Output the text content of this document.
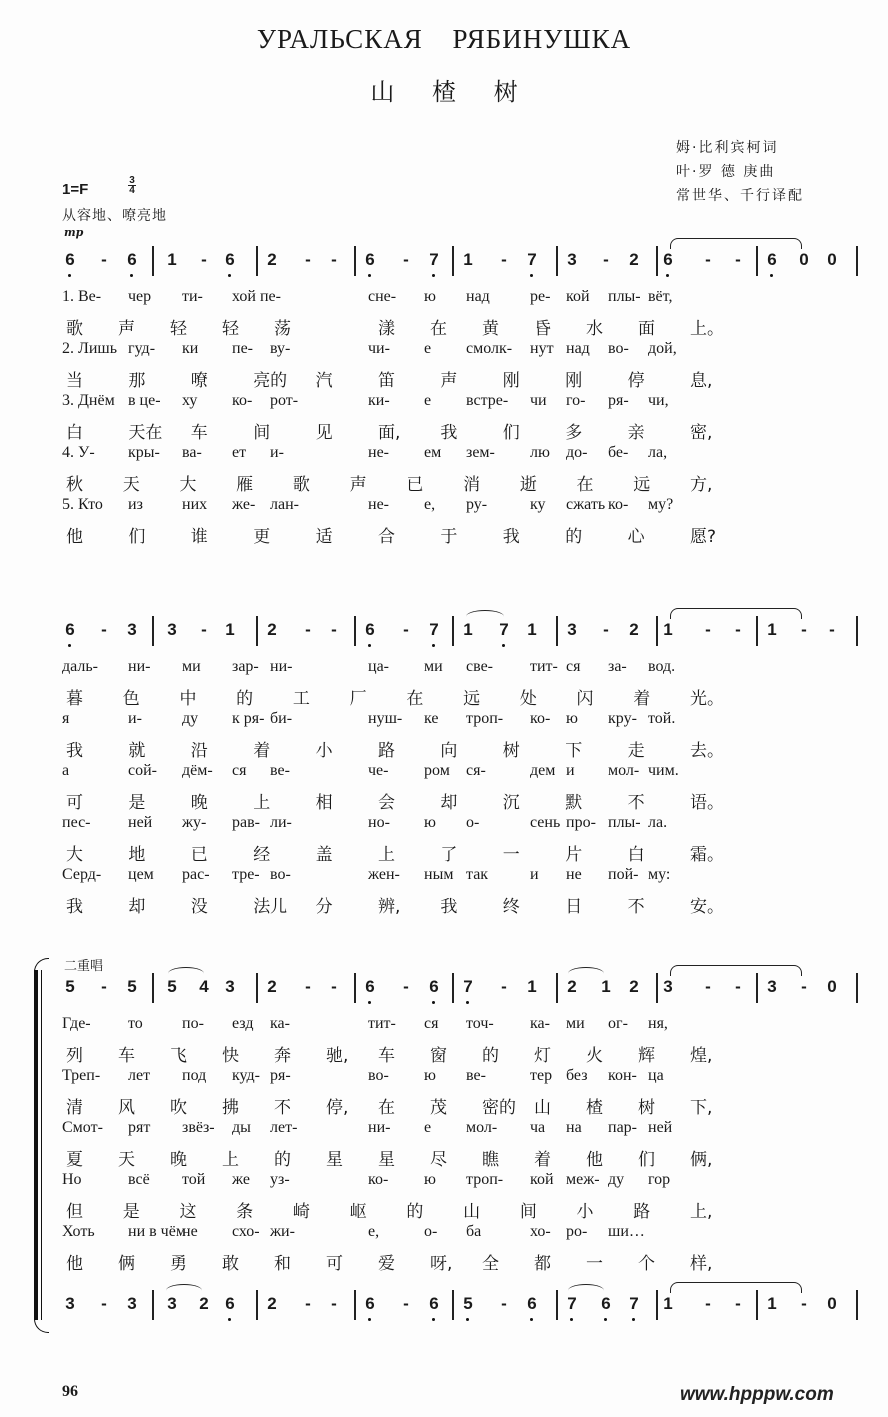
УРАЛЬСКАЯ РЯБИНУШКА
山 楂 树
姆·比利宾柯词
叶·罗 德 庚曲
常世华、千行译配
1=F
3
4
从容地、嘹亮地
mp
6	-	6 1	-	6 2	-	-	6	-	7 1	-	7 3	-	2 6	-	-	6 0 0
1. Ве- чер ти- хой пе-	сне- ю над	ре- кой плы- вёт,
歌 声 轻 轻 荡	漾 在 黄 昏 水 面 上。
2. Лишь гуд- ки пе- ву-	чи- е смолк- нут над во- дой,
当	那	嘹	亮的 汽	笛	声	刚	刚	停	息,
3. Днём в це- ху ко- рот-	ки- е встре- чи го- ря- чи,
白	天在 车	间	见	面, 我	们	多	亲	密,
4. У- кры- ва- ет и-	не- ем зем- лю до- бе- ла,
秋 天 大 雁 歌 声 已 消 逝 在 远 方,
5. Кто из них же- лан-	не- е, ру-	ку сжать ко- му?
他	们	谁	更	适	合	于	我	的	心	愿?
6	-	3 3	-	1 2	-	-	6	-	7 1 7 1 3	-	2 1	-	-	1	-	-
даль- ни- ми зар- ни-	ца- ми све- тит- ся за- вод.
暮 色 中 的 工 厂 在 远 处 闪 着 光。
я	и-	ду к ря- би-	нуш- ке троп- ко- ю кру- той.
我	就	沿	着	小	路	向	树	下	走	去。
а	сой- дём- ся ве-	че- ром ся-	дем и мол- чим.
可	是	晚	上	相	会	却	沉	默	不	语。
пес- ней жу- рав- ли-	но- ю о-	сень про- плы- ла.
大	地	已	经	盖	上	了	一	片	白	霜。
Серд- цем рас- тре- во-	жен- ным так	и не пой- му:
我	却	没	法儿 分	辨, 我	终	日	不	安。
5	-	5 5 4 3 2	-	-	6	-	6 7	-	1 2 1 2 3	-	-	3	-	0
Где- то по- езд ка-	тит- ся точ- ка- ми ог- ня,
列 车 飞 快 奔 驰, 车 窗 的 灯 火 辉 煌,
Треп- лет под куд- ря-	во- ю ве-	тер без кон- ца
清 风 吹 拂 不 停, 在 茂 密的 山 楂 树 下,
Смот- рят звёз- ды лет-	ни- е мол- ча на пар- ней
夏 天 晚 上 的 星 星 尽 瞧 着 他 们 俩,
Но	всё той же уз-	ко- ю троп- кой меж- ду гор
但 是 这 条 崎 岖 的 山 间 小 路 上,
Хоть ни в чём
не схо- жи-	е,	о- ба	хо- ро- ши…
他 俩 勇 敢 和 可 爱 呀, 全 都 一 个 样,
3	-	3 3 2 6 2	-	-	6	-	6 5	-	6 7 6 7 1	-	-	1	-	0
二重唱
96	www.hpppw.com
